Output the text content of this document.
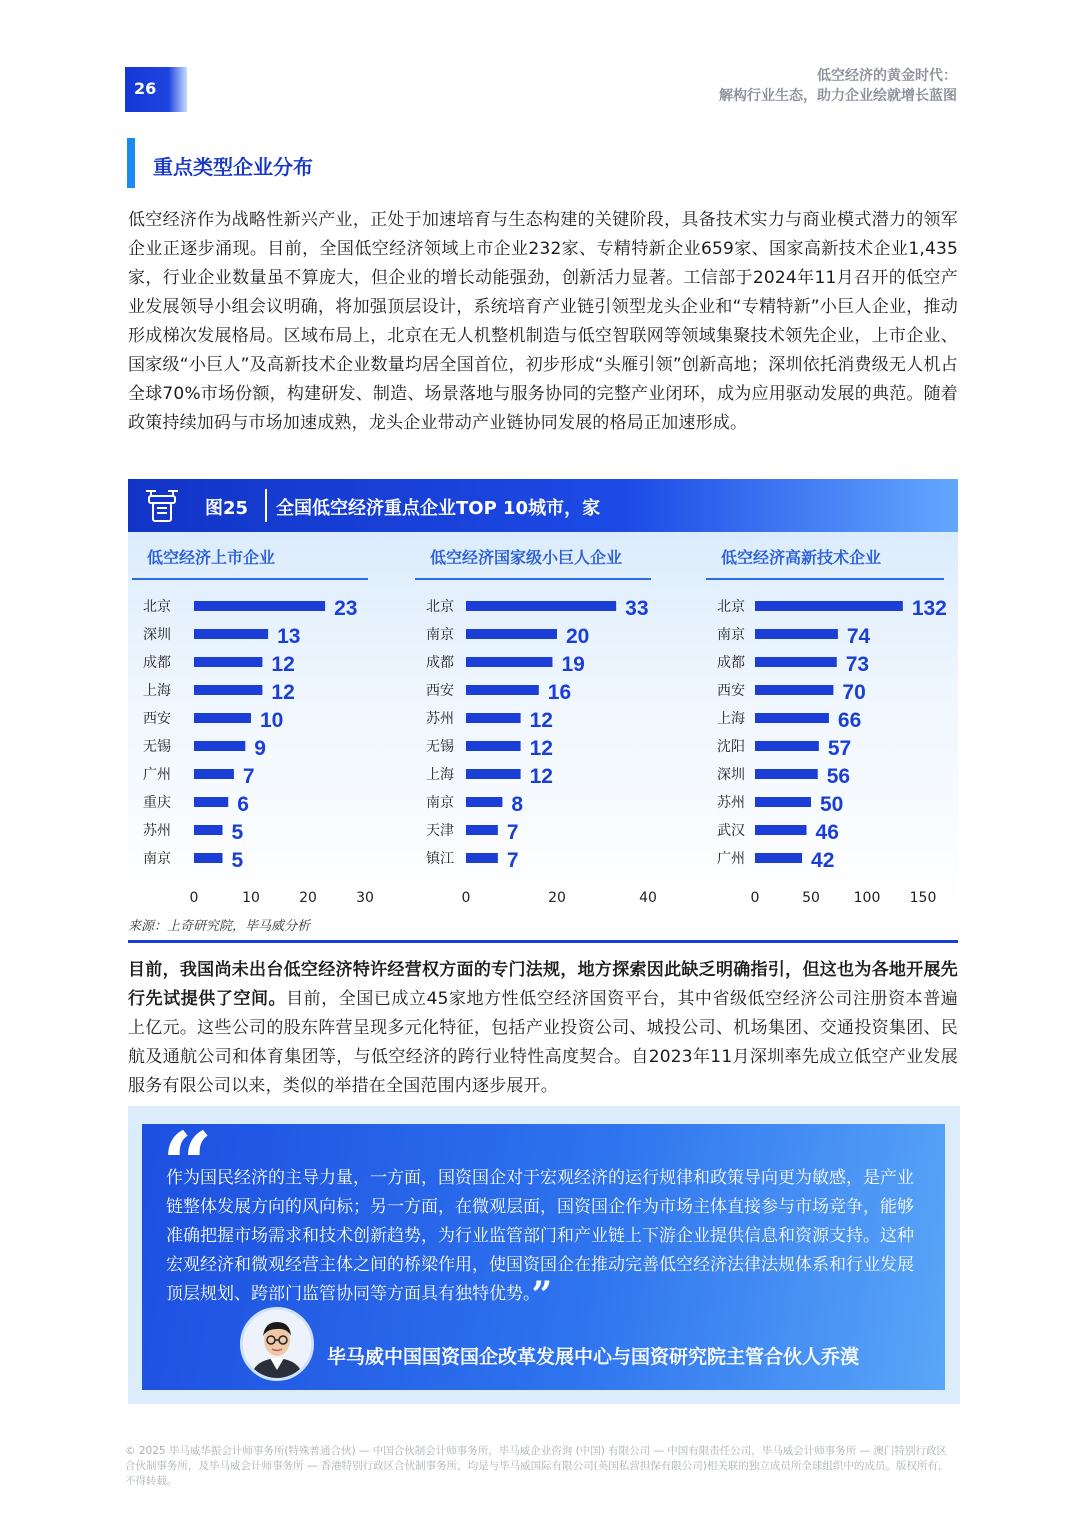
26
低空经济的黄金时代：
解构行业生态，助力企业绘就增长蓝图
重点类型企业分布
低空经济作为战略性新兴产业，正处于加速培育与生态构建的关键阶段，具备技术实力与商业模式潜力的领军企业正逐步涌现。目前，全国低空经济领域上市企业232家、专精特新企业659家、国家高新技术企业1,435家，行业企业数量虽不算庞大，但企业的增长动能强劲，创新活力显著。工信部于2024年11月召开的低空产业发展领导小组会议明确，将加强顶层设计，系统培育产业链引领型龙头企业和“专精特新”小巨人企业，推动形成梯次发展格局。区域布局上，北京在无人机整机制造与低空智联网等领域集聚技术领先企业，上市企业、国家级“小巨人”及高新技术企业数量均居全国首位，初步形成“头雁引领”创新高地；深圳依托消费级无人机占全球70%市场份额，构建研发、制造、场景落地与服务协同的完整产业闭环，成为应用驱动发展的典范。随着政策持续加码与市场加速成熟，龙头企业带动产业链协同发展的格局正加速形成。
图25 全国低空经济重点企业TOP 10城市，家
低空经济上市企业
北京	23
深圳	13
成都	12
上海	12
西安	10
无锡	9
广州	7
重庆	6
苏州	5
南京	5
0	10	20	30
低空经济国家级小巨人企业
北京	33
南京	20
成都	19
西安	16
苏州	12
无锡	12
上海	12
南京	8
天津	7
镇江	7
0	20	40
低空经济高新技术企业
北京	132
南京	74
成都	73
西安	70
上海	66
沈阳	57
深圳	56
苏州	50
武汉	46
广州	42
0	50 100 150
来源：上奇研究院，毕马威分析
目前，我国尚未出台低空经济特许经营权方面的专门法规，地方探索因此缺乏明确指引，但这也为各地开展先行先试提供了空间。目前，全国已成立45家地方性低空经济国资平台，其中省级低空经济公司注册资本普遍上亿元。这些公司的股东阵营呈现多元化特征，包括产业投资公司、城投公司、机场集团、交通投资集团、民航及通航公司和体育集团等，与低空经济的跨行业特性高度契合。自2023年11月深圳率先成立低空产业发展服务有限公司以来，类似的举措在全国范围内逐步展开。
“
作为国民经济的主导力量，一方面，国资国企对于宏观经济的运行规律和政策导向更为敏感，是产业链整体发展方向的风向标；另一方面，在微观层面，国资国企作为市场主体直接参与市场竞争，能够准确把握市场需求和技术创新趋势，为行业监管部门和产业链上下游企业提供信息和资源支持。这种宏观经济和微观经营主体之间的桥梁作用，使国资国企在推动完善低空经济法律法规体系和行业发展顶层规划、跨部门监管协同等方面具有独特优势。”
毕马威中国国资国企改革发展中心与国资研究院主管合伙人乔漠
© 2025 毕马威华振会计师事务所(特殊普通合伙) — 中国合伙制会计师事务所，毕马威企业咨询 (中国) 有限公司 — 中国有限责任公司，毕马威会计师事务所 — 澳门特别行政区合伙制事务所，及毕马威会计师事务所 — 香港特别行政区合伙制事务所，均是与毕马威国际有限公司(英国私营担保有限公司)相关联的独立成员所全球组织中的成员。版权所有，不得转载。
